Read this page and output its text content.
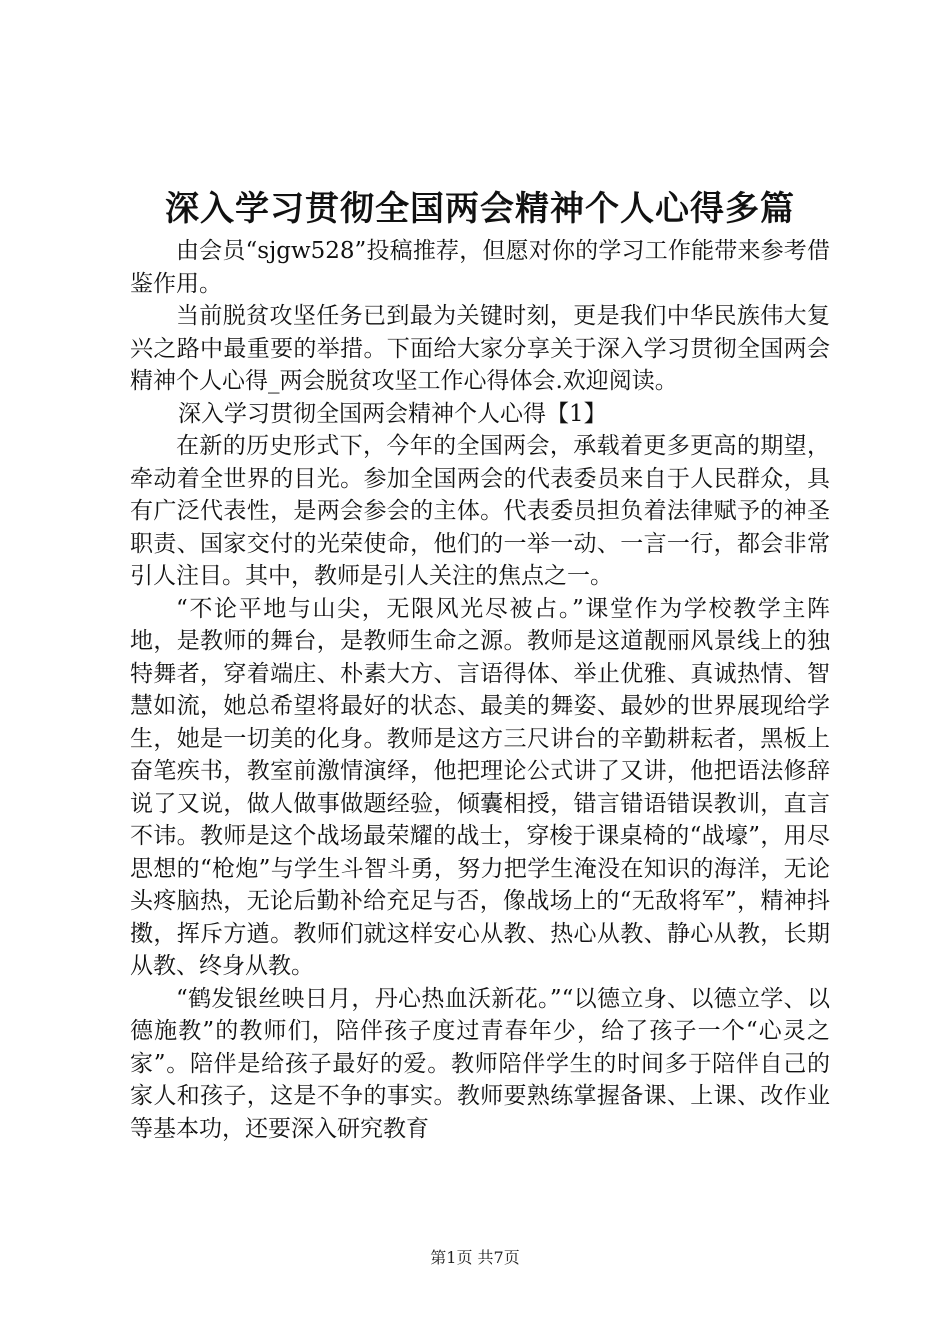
深入学习贯彻全国两会精神个人心得多篇

由会员“sjgw528”投稿推荐，但愿对你的学习工作能带来参考借鉴作用。

当前脱贫攻坚任务已到最为关键时刻，更是我们中华民族伟大复兴之路中最重要的举措。下面给大家分享关于深入学习贯彻全国两会精神个人心得_两会脱贫攻坚工作心得体会.欢迎阅读。

深入学习贯彻全国两会精神个人心得【1】

在新的历史形式下，今年的全国两会，承载着更多更高的期望，牵动着全世界的目光。参加全国两会的代表委员来自于人民群众，具有广泛代表性，是两会参会的主体。代表委员担负着法律赋予的神圣职责、国家交付的光荣使命，他们的一举一动、一言一行，都会非常引人注目。其中，教师是引人关注的焦点之一。

“不论平地与山尖，无限风光尽被占。”课堂作为学校教学主阵地，是教师的舞台，是教师生命之源。教师是这道靓丽风景线上的独特舞者，穿着端庄、朴素大方、言语得体、举止优雅、真诚热情、智慧如流，她总希望将最好的状态、最美的舞姿、最妙的世界展现给学生，她是一切美的化身。教师是这方三尺讲台的辛勤耕耘者，黑板上奋笔疾书，教室前激情演绎，他把理论公式讲了又讲，他把语法修辞说了又说，做人做事做题经验，倾囊相授，错言错语错误教训，直言不讳。教师是这个战场最荣耀的战士，穿梭于课桌椅的“战壕”，用尽思想的“枪炮”与学生斗智斗勇，努力把学生淹没在知识的海洋，无论头疼脑热，无论后勤补给充足与否，像战场上的“无敌将军”，精神抖擞，挥斥方遒。教师们就这样安心从教、热心从教、静心从教，长期从教、终身从教。

“鹤发银丝映日月，丹心热血沃新花。”“以德立身、以德立学、以德施教”的教师们，陪伴孩子度过青春年少，给了孩子一个“心灵之家”。陪伴是给孩子最好的爱。教师陪伴学生的时间多于陪伴自己的家人和孩子，这是不争的事实。教师要熟练掌握备课、上课、改作业等基本功，还要深入研究教育

第1页 共7页
